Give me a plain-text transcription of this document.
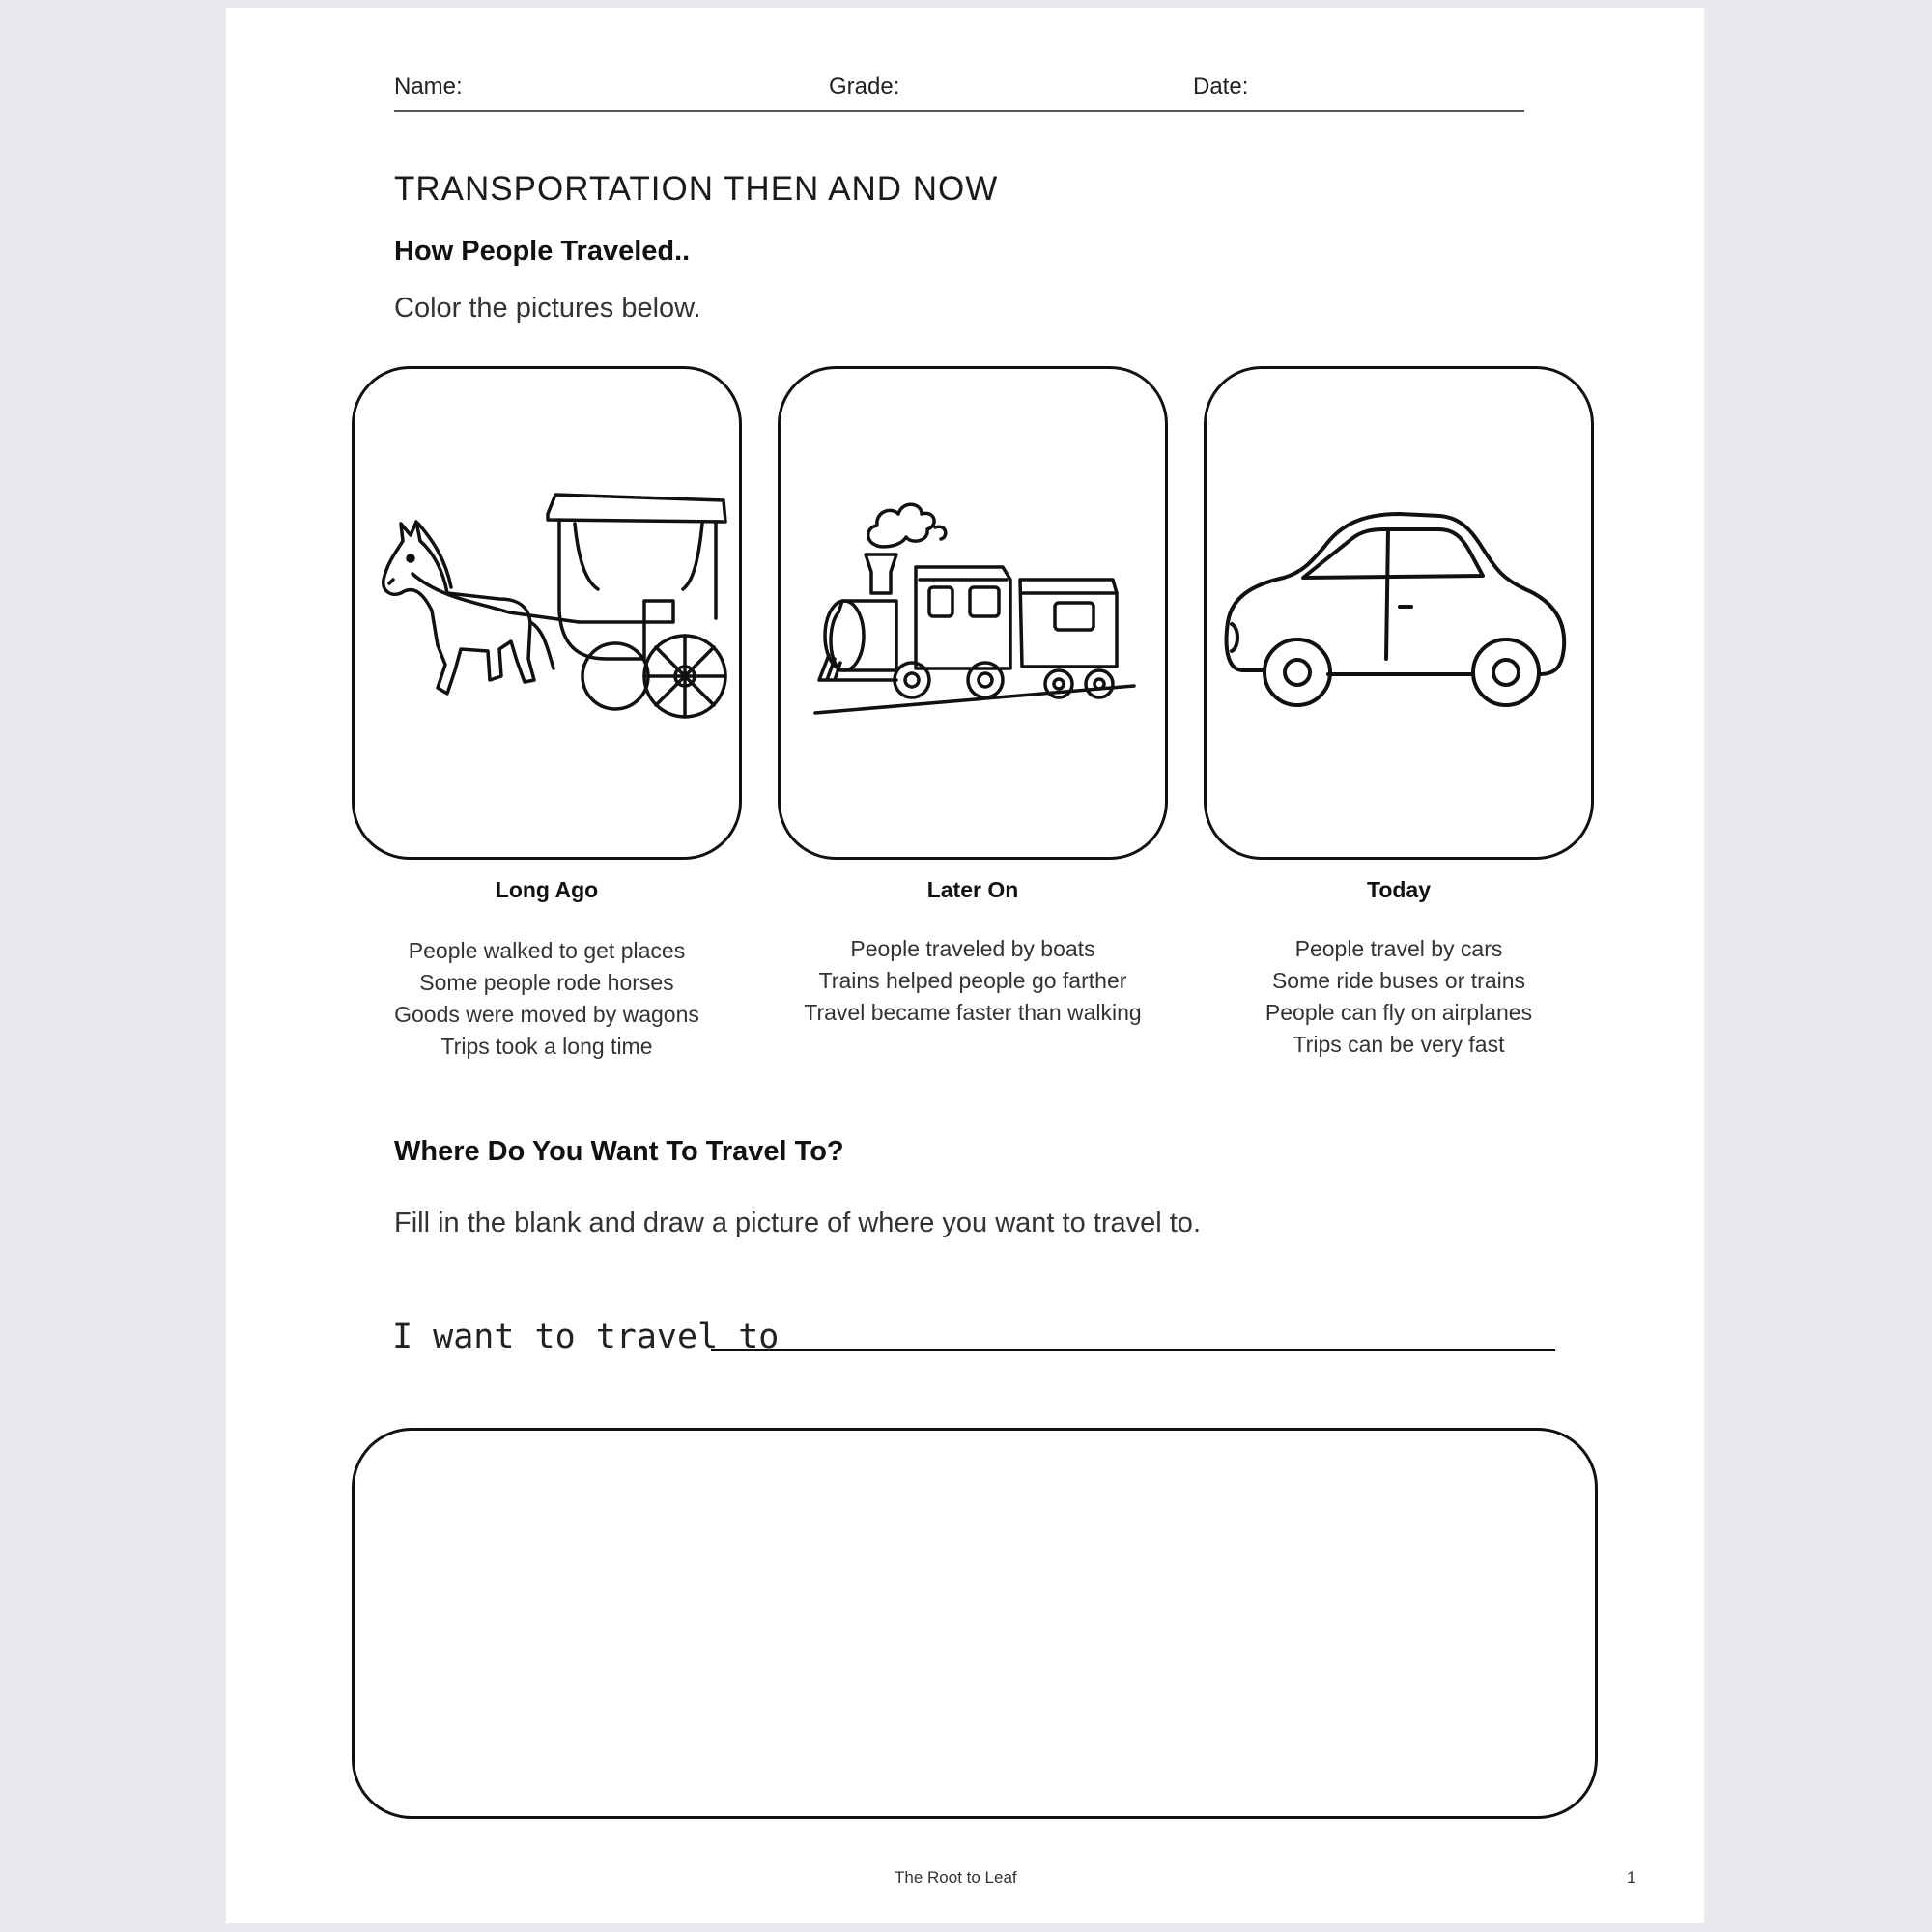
Name:	Grade:	Date:
TRANSPORTATION THEN AND NOW
How People Traveled..
Color the pictures below.
Long Ago
People walked to get places
Some people rode horses
Goods were moved by wagons
Trips took a long time
Later On
People traveled by boats
Trains helped people go farther
Travel became faster than walking
Today
People travel by cars
Some ride buses or trains
People can fly on airplanes
Trips can be very fast
Where Do You Want To Travel To?
Fill in the blank and draw a picture of where you want to travel to.
I want to travel to
The Root to Leaf	1
